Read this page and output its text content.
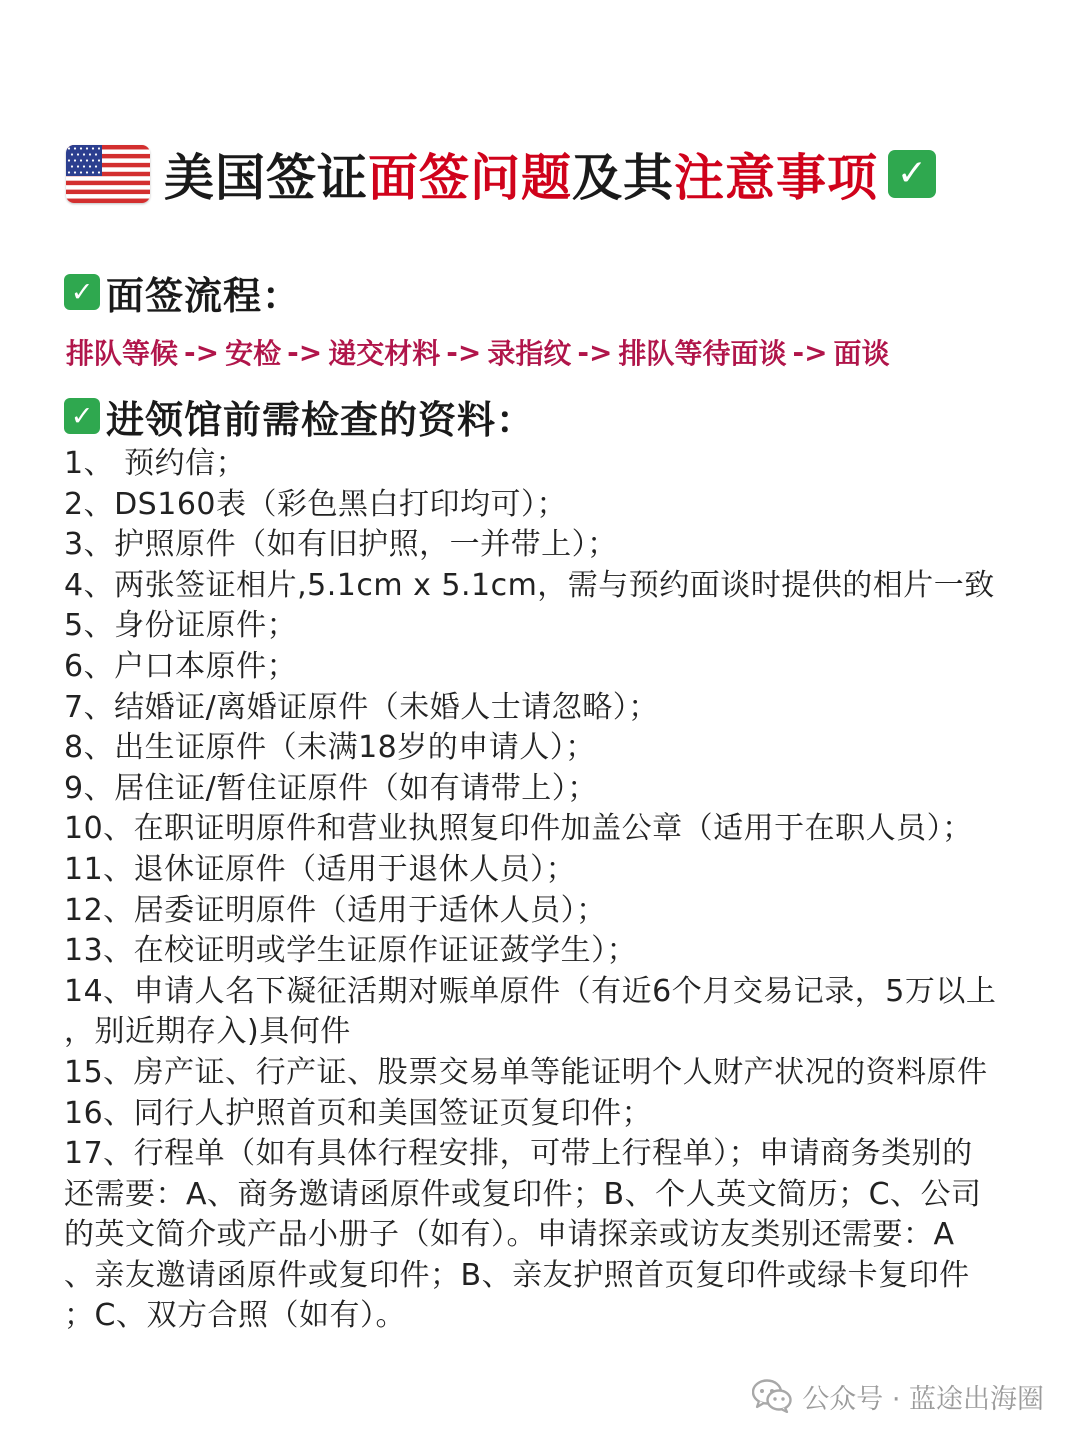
美国签证 面签问题 及其 注意事项 ✓
✓ 面签流程：
排队等候 -> 安检 -> 递交材料 -> 录指纹 -> 排队等待面谈 -> 面谈
✓ 进领馆前需检查的资料：
1、 预约信；
2、DS160表（彩色黑白打印均可）；
3、护照原件（如有旧护照，一并带上）；
4、两张签证相片,5.1cm x 5.1cm，需与预约面谈时提供的相片一致
5、身份证原件；
6、户口本原件；
7、结婚证/离婚证原件（未婚人士请忽略）；
8、出生证原件（未满18岁的申请人）；
9、居住证/暂住证原件（如有请带上）；
10、在职证明原件和营业执照复印件加盖公章（适用于在职人员）；
11、退休证原件（适用于退休人员）；
12、居委证明原件（适用于适休人员）；
13、在校证明或学生证原作证证蔹学生）；
14、申请人名下凝征活期对赈单原件（有近6个月交易记录，5万以上
，别近期存入)具何件
15、房产证、行产证、股票交易单等能证明个人财产状况的资料原件
16、同行人护照首页和美国签证页复印件；
17、行程单（如有具体行程安排，可带上行程单）；申请商务类别的
还需要：A、商务邀请函原件或复印件；B、个人英文简历；C、公司
的英文简介或产品小册子（如有）。申请探亲或访友类别还需要：A
、亲友邀请函原件或复印件；B、亲友护照首页复印件或绿卡复印件
；C、双方合照（如有）。
公众号 · 蓝途出海圈
